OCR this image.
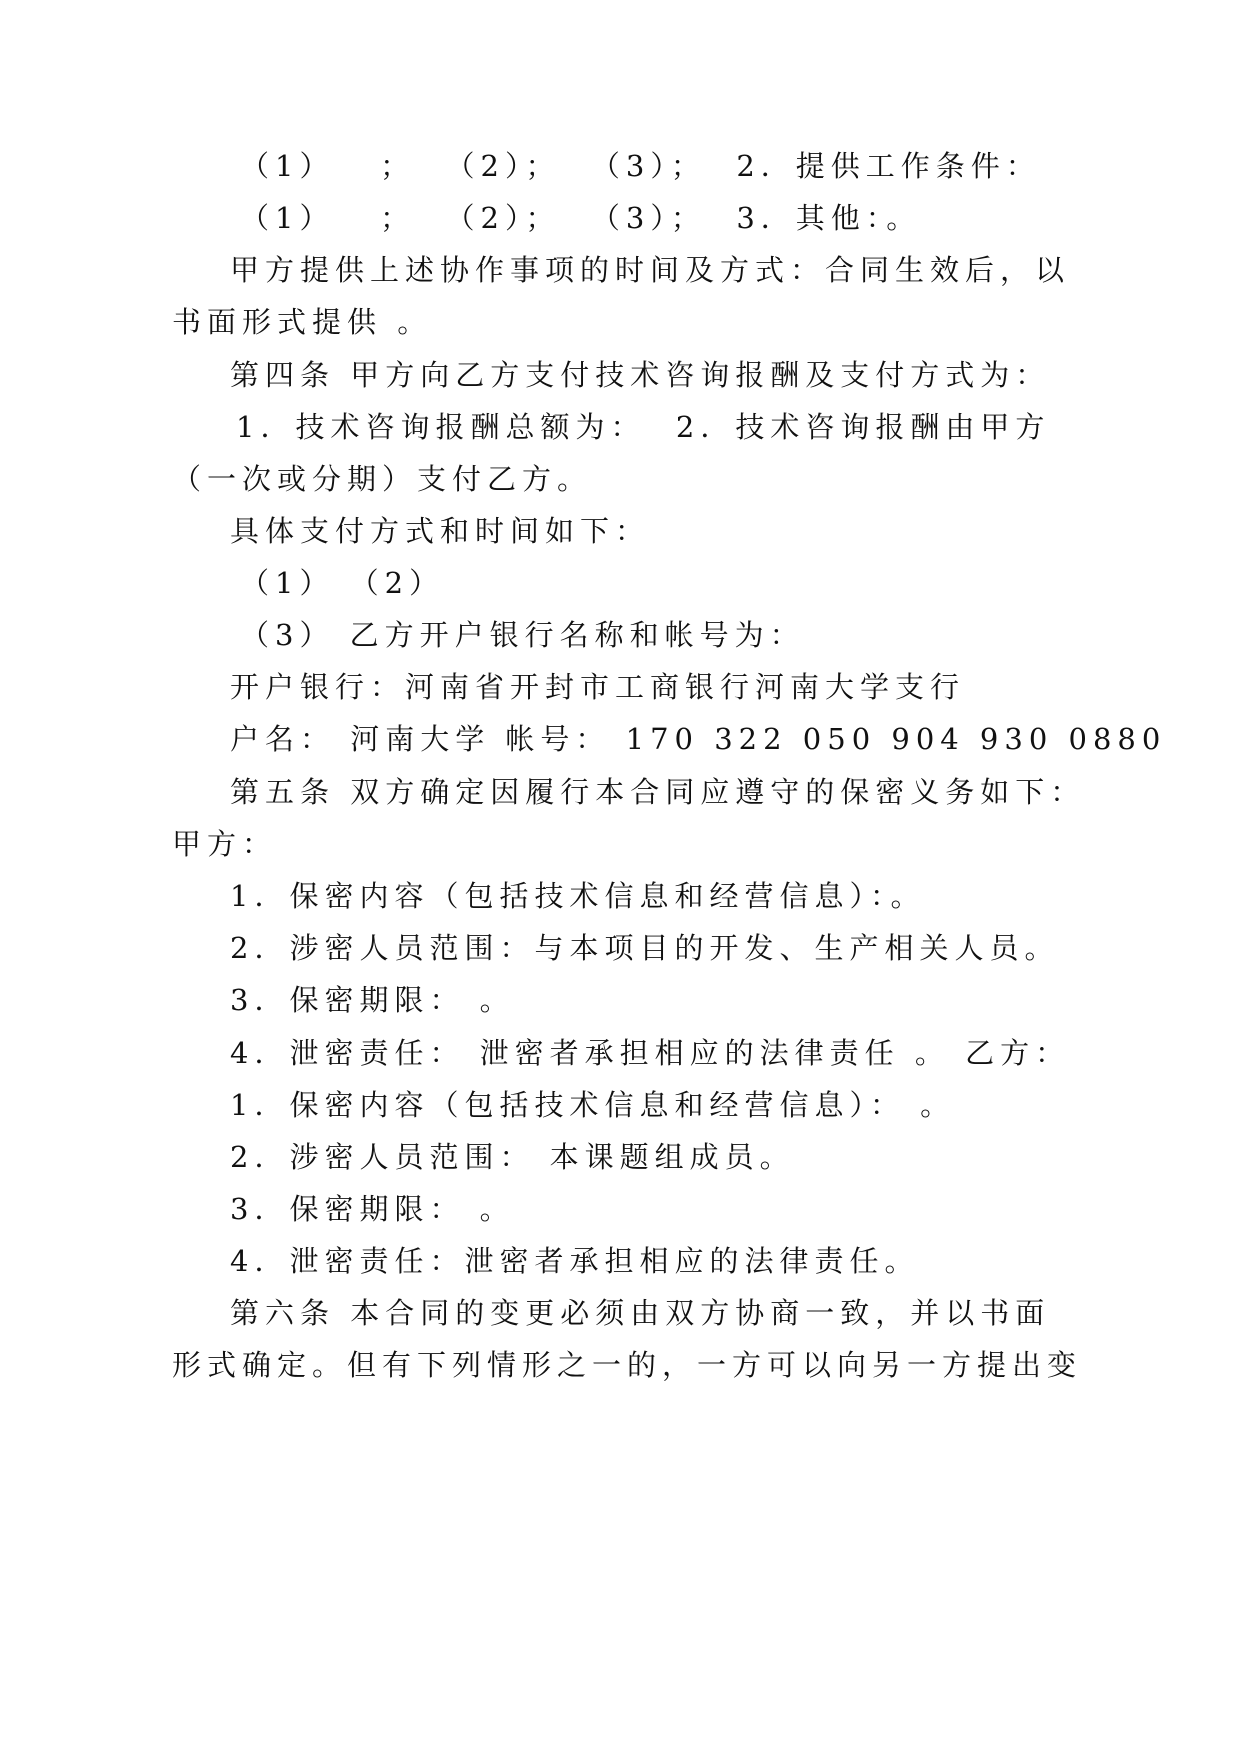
（1）   ；  （2）；  （3）；  2．提供工作条件：
（1）   ；  （2）；  （3）；  3．其他：。
甲方提供上述协作事项的时间及方式：合同生效后，以
书面形式提供 。
第四条 甲方向乙方支付技术咨询报酬及支付方式为：
1．技术咨询报酬总额为：  2．技术咨询报酬由甲方
（一次或分期）支付乙方。
具体支付方式和时间如下：
（1） （2）
（3） 乙方开户银行名称和帐号为：
开户银行：河南省开封市工商银行河南大学支行
户名： 河南大学 帐号： 170 322 050 904 930 0880
第五条 双方确定因履行本合同应遵守的保密义务如下：
甲方：
1．保密内容（包括技术信息和经营信息）：。
2．涉密人员范围：与本项目的开发、生产相关人员。
3．保密期限： 。
4．泄密责任： 泄密者承担相应的法律责任 。 乙方：
1．保密内容（包括技术信息和经营信息）： 。
2．涉密人员范围： 本课题组成员。
3．保密期限： 。
4．泄密责任：泄密者承担相应的法律责任。
第六条 本合同的变更必须由双方协商一致，并以书面
形式确定。但有下列情形之一的，一方可以向另一方提出变
